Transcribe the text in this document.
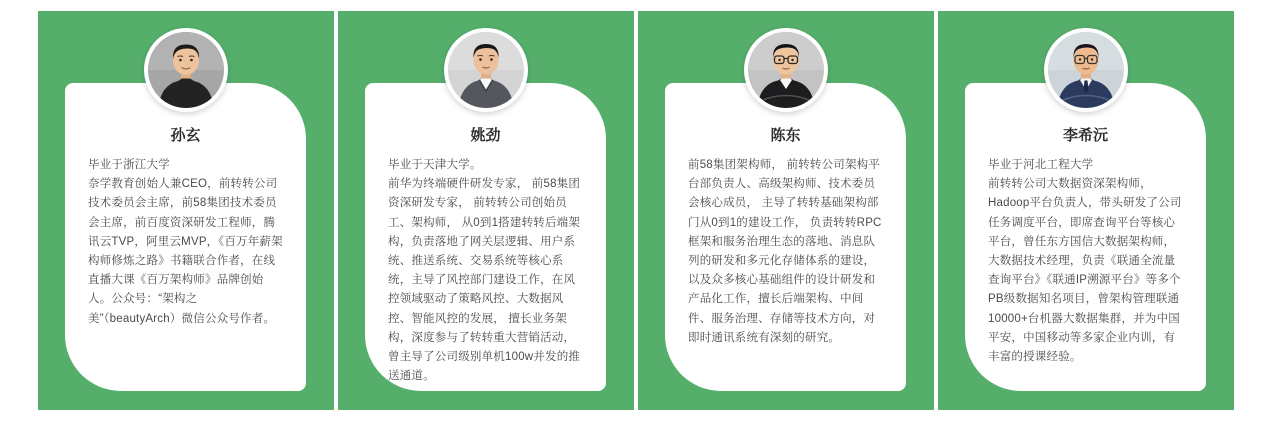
孙玄

毕业于浙江大学

奈学教育创始人兼CEO，前转转公司技术委员会主席，前58集团技术委员会主席，前百度资深研发工程师，腾讯云TVP，阿里云MVP，《百万年薪架构师修炼之路》书籍联合作者，在线直播大课《百万架构师》品牌创始人。公众号：“架构之美”（beautyArch）微信公众号作者。

姚劲

毕业于天津大学。

前华为终端硬件研发专家， 前58集团资深研发专家， 前转转公司创始员工、架构师， 从0到1搭建转转后端架构，负责落地了网关层逻辑、用户系统、推送系统、交易系统等核心系统，主导了风控部门建设工作，在风控领域驱动了策略风控、大数据风控、智能风控的发展， 擅长业务架构，深度参与了转转重大营销活动，曾主导了公司级别单机100w并发的推送通道。

陈东

前58集团架构师， 前转转公司架构平台部负责人、高级架构师、技术委员会核心成员， 主导了转转基础架构部门从0到1的建设工作， 负责转转RPC框架和服务治理生态的落地、消息队列的研发和多元化存储体系的建设，以及众多核心基础组件的设计研发和产品化工作，擅长后端架构、中间件、服务治理、存储等技术方向，对即时通讯系统有深刻的研究。

李希沅

毕业于河北工程大学

前转转公司大数据资深架构师，Hadoop平台负责人，带头研发了公司任务调度平台，即席查询平台等核心平台，曾任东方国信大数据架构师，大数据技术经理，负责《联通全流量查询平台》《联通IP溯源平台》等多个PB级数据知名项目，曾架构管理联通10000+台机器大数据集群，并为中国平安，中国移动等多家企业内训，有丰富的授课经验。
